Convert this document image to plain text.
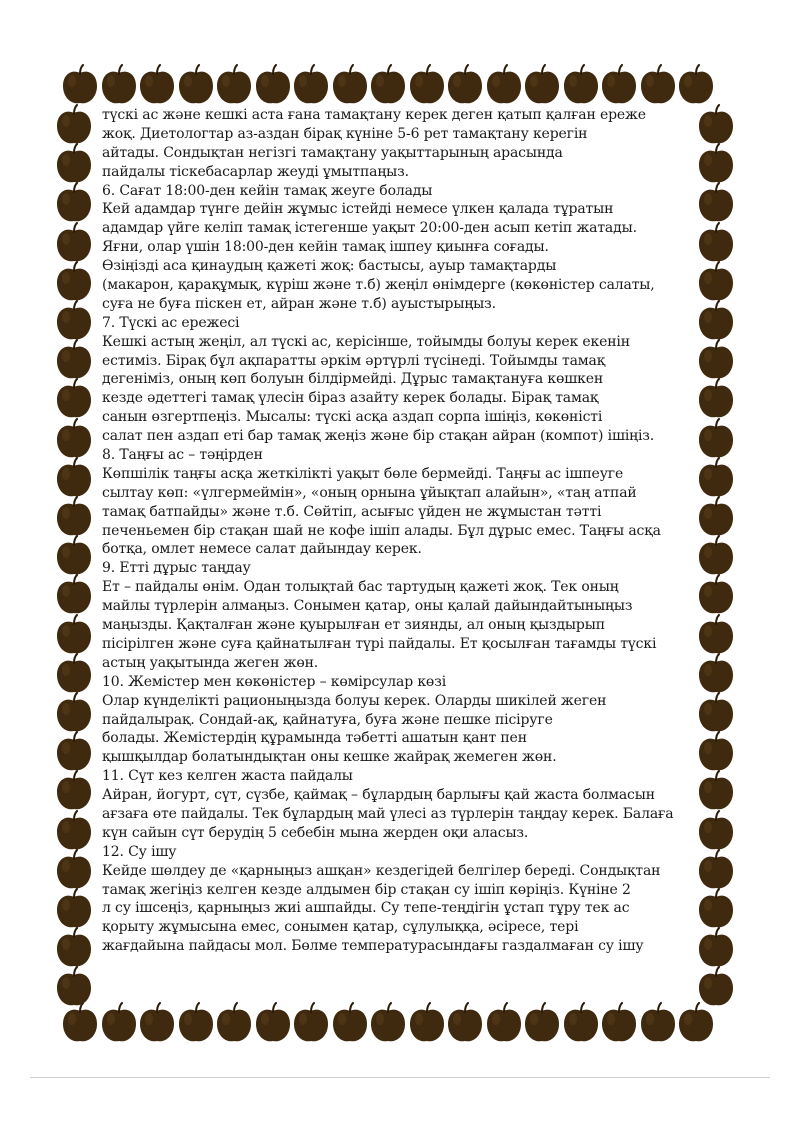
түскі ас және кешкі аста ғана тамақтану керек деген қатып қалған ереже
жоқ. Диетологтар аз-аздан бірақ күніне 5-6 рет тамақтану керегін
айтады. Сондықтан негізгі тамақтану уақыттарының арасында
пайдалы тіскебасарлар жеуді ұмытпаңыз.
6. Сағат 18:00-ден кейін тамақ жеуге болады
Кей адамдар түнге дейін жұмыс істейді немесе үлкен қалада тұратын
адамдар үйге келіп тамақ істегенше уақыт 20:00-ден асып кетіп жатады.
Яғни, олар үшін 18:00-ден кейін тамақ ішпеу қиынға соғады.
Өзіңізді аса қинаудың қажеті жоқ: бастысы, ауыр тамақтарды
(макарон, қарақұмық, күріш және т.б) жеңіл өнімдерге (көкөністер салаты,
суға не буға піскен ет, айран және т.б) ауыстырыңыз.
7. Түскі ас ережесі
Кешкі астың жеңіл, ал түскі ас, керісінше, тойымды болуы керек екенін
естиміз. Бірақ бұл ақпаратты әркім әртүрлі түсінеді. Тойымды тамақ
дегеніміз, оның көп болуын білдірмейді. Дұрыс тамақтануға көшкен
кезде әдеттегі тамақ үлесін біраз азайту керек болады. Бірақ тамақ
санын өзгертпеңіз. Мысалы: түскі асқа аздап сорпа ішіңіз, көкөністі
салат пен аздап еті бар тамақ жеңіз және бір стақан айран (компот) ішіңіз.
8. Таңғы ас – тәңірден
Көпшілік таңғы асқа жеткілікті уақыт бөле бермейді. Таңғы ас ішпеуге
сылтау көп: «үлгермеймін», «оның орнына ұйықтап алайын», «таң атпай
тамақ батпайды» және т.б. Сөйтіп, асығыс үйден не жұмыстан тәтті
печеньемен бір стақан шай не кофе ішіп алады. Бұл дұрыс емес. Таңғы асқа
ботқа, омлет немесе салат дайындау керек.
9. Етті дұрыс таңдау
Ет – пайдалы өнім. Одан толықтай бас тартудың қажеті жоқ. Тек оның
майлы түрлерін алмаңыз. Сонымен қатар, оны қалай дайындайтыныңыз
маңызды. Қақталған және қуырылған ет зиянды, ал оның қыздырып
пісірілген және суға қайнатылған түрі пайдалы. Ет қосылған тағамды түскі
астың уақытында жеген жөн.
10. Жемістер мен көкөністер – көмірсулар көзі
Олар күнделікті рационыңызда болуы керек. Оларды шикілей жеген
пайдалырақ. Сондай-ақ, қайнатуға, буға және пешке пісіруге
болады. Жемістердің құрамында тәбетті ашатын қант пен
қышқылдар болатындықтан оны кешке жайрақ жемеген жөн.
11. Сүт кез келген жаста пайдалы
Айран, йогурт, сүт, сүзбе, қаймақ – бұлардың барлығы қай жаста болмасын
ағзаға өте пайдалы. Тек бұлардың май үлесі аз түрлерін таңдау керек. Балаға
күн сайын сүт берудің 5 себебін мына жерден оқи аласыз.
12. Су ішу
Кейде шөлдеу де «қарныңыз ашқан» кездегідей белгілер береді. Сондықтан
тамақ жегіңіз келген кезде алдымен бір стақан су ішіп көріңіз. Күніне 2
л су ішсеңіз, қарныңыз жиі ашпайды. Су тепе-теңдігін ұстап тұру тек ас
қорыту жұмысына емес, сонымен қатар, сұлулыққа, әсіресе, тері
жағдайына пайдасы мол. Бөлме температурасындағы газдалмаған су ішу
